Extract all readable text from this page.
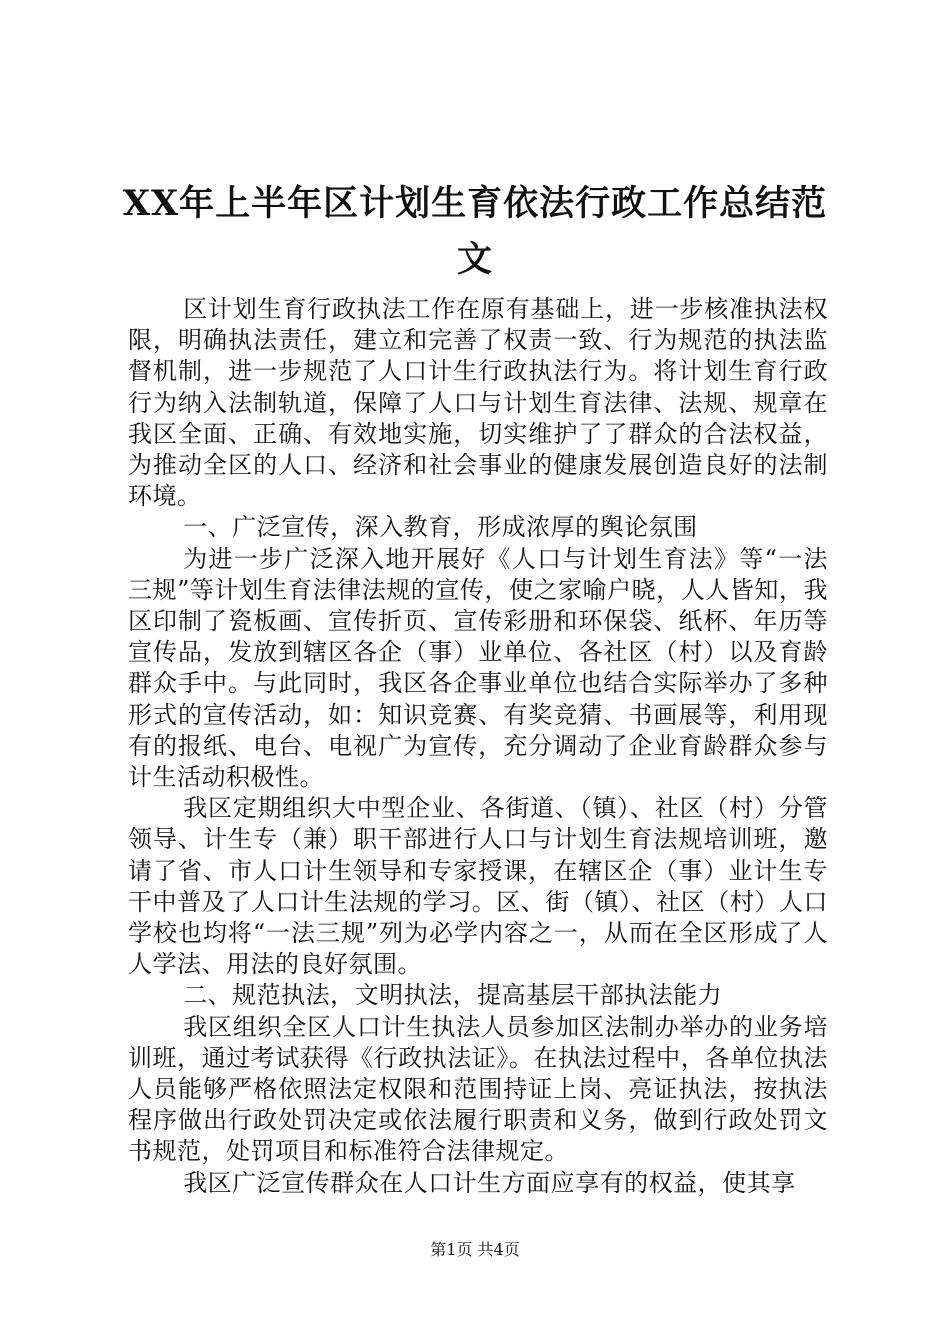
XX年上半年区计划生育依法行政工作总结范文

区计划生育行政执法工作在原有基础上，进一步核准执法权限，明确执法责任，建立和完善了权责一致、行为规范的执法监督机制，进一步规范了人口计生行政执法行为。将计划生育行政行为纳入法制轨道，保障了人口与计划生育法律、法规、规章在我区全面、正确、有效地实施，切实维护了了群众的合法权益，为推动全区的人口、经济和社会事业的健康发展创造良好的法制环境。

一、广泛宣传，深入教育，形成浓厚的舆论氛围

为进一步广泛深入地开展好《人口与计划生育法》等“一法三规”等计划生育法律法规的宣传，使之家喻户晓，人人皆知，我区印制了瓷板画、宣传折页、宣传彩册和环保袋、纸杯、年历等宣传品，发放到辖区各企（事）业单位、各社区（村）以及育龄群众手中。与此同时，我区各企事业单位也结合实际举办了多种形式的宣传活动，如：知识竞赛、有奖竞猜、书画展等，利用现有的报纸、电台、电视广为宣传，充分调动了企业育龄群众参与计生活动积极性。

我区定期组织大中型企业、各街道、（镇）、社区（村）分管领导、计生专（兼）职干部进行人口与计划生育法规培训班，邀请了省、市人口计生领导和专家授课，在辖区企（事）业计生专干中普及了人口计生法规的学习。区、街（镇）、社区（村）人口学校也均将“一法三规”列为必学内容之一，从而在全区形成了人人学法、用法的良好氛围。

二、规范执法，文明执法，提高基层干部执法能力

我区组织全区人口计生执法人员参加区法制办举办的业务培训班，通过考试获得《行政执法证》。在执法过程中，各单位执法人员能够严格依照法定权限和范围持证上岗、亮证执法，按执法程序做出行政处罚决定或依法履行职责和义务，做到行政处罚文书规范，处罚项目和标准符合法律规定。

我区广泛宣传群众在人口计生方面应享有的权益，使其享

第1页 共4页
